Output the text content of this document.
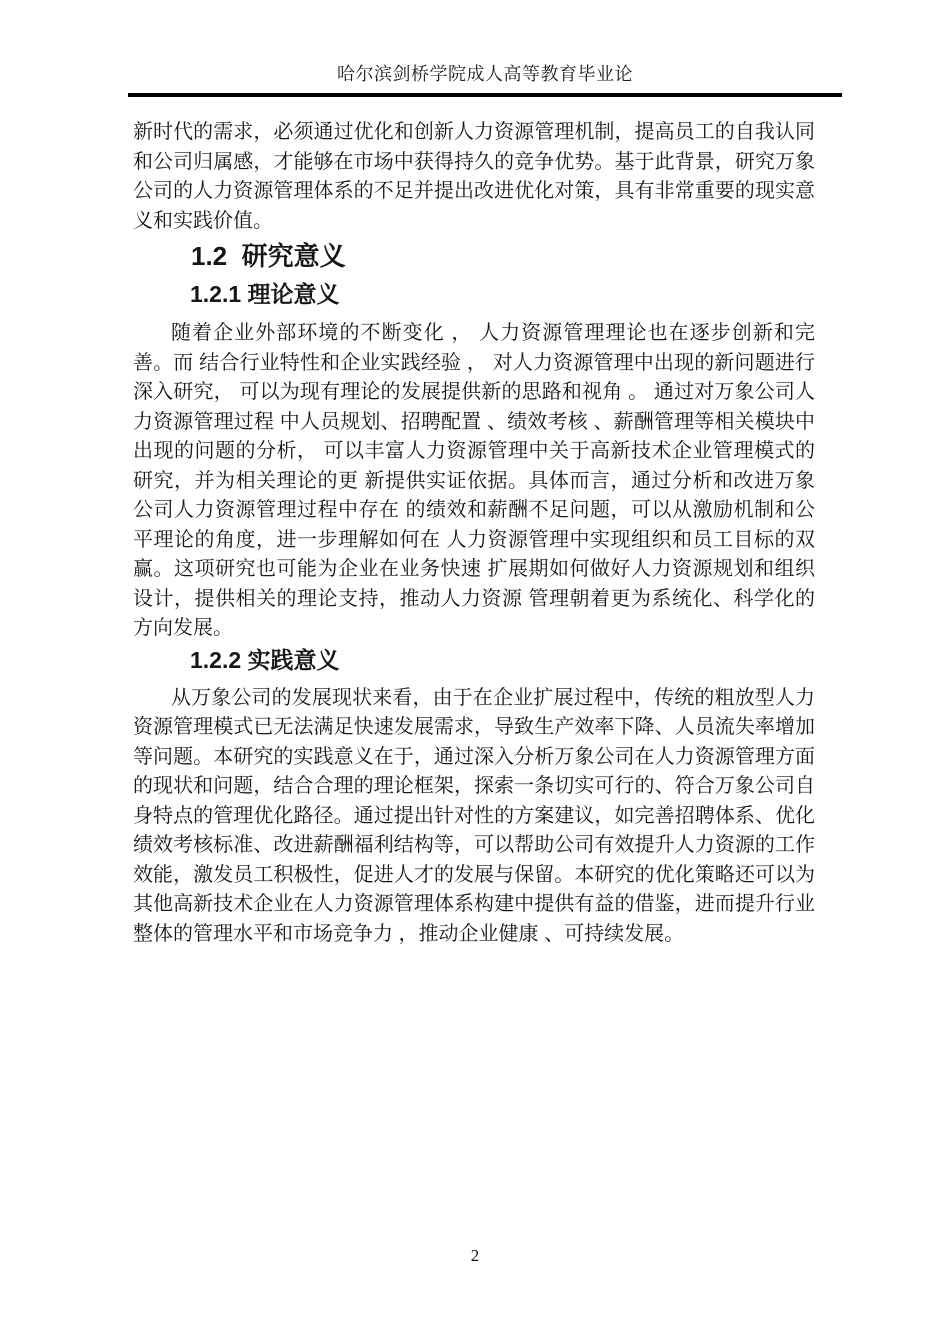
哈尔滨剑桥学院成人高等教育毕业论

新时代的需求，必须通过优化和创新人力资源管理机制，提高员工的自我认同和公司归属感，才能够在市场中获得持久的竞争优势。基于此背景，研究万象公司的人力资源管理体系的不足并提出改进优化对策，具有非常重要的现实意义和实践价值。

1.2  研究意义
1.2.1 理论意义

随着企业外部环境的不断变化 ， 人力资源管理理论也在逐步创新和完善。而 结合行业特性和企业实践经验 ， 对人力资源管理中出现的新问题进行深入研究， 可以为现有理论的发展提供新的思路和视角 。 通过对万象公司人力资源管理过程 中人员规划、招聘配置 、绩效考核 、薪酬管理等相关模块中出现的问题的分析， 可以丰富人力资源管理中关于高新技术企业管理模式的研究，并为相关理论的更 新提供实证依据。具体而言，通过分析和改进万象公司人力资源管理过程中存在 的绩效和薪酬不足问题，可以从激励机制和公平理论的角度，进一步理解如何在 人力资源管理中实现组织和员工目标的双赢。这项研究也可能为企业在业务快速 扩展期如何做好人力资源规划和组织设计，提供相关的理论支持，推动人力资源 管理朝着更为系统化、科学化的方向发展。

1.2.2 实践意义

从万象公司的发展现状来看，由于在企业扩展过程中，传统的粗放型人力资源管理模式已无法满足快速发展需求，导致生产效率下降、人员流失率增加等问题。本研究的实践意义在于，通过深入分析万象公司在人力资源管理方面的现状和问题，结合合理的理论框架，探索一条切实可行的、符合万象公司自身特点的管理优化路径。通过提出针对性的方案建议，如完善招聘体系、优化绩效考核标准、改进薪酬福利结构等，可以帮助公司有效提升人力资源的工作效能，激发员工积极性，促进人才的发展与保留。本研究的优化策略还可以为其他高新技术企业在人力资源管理体系构建中提供有益的借鉴，进而提升行业整体的管理水平和市场竞争力 ，推动企业健康 、可持续发展。

2
